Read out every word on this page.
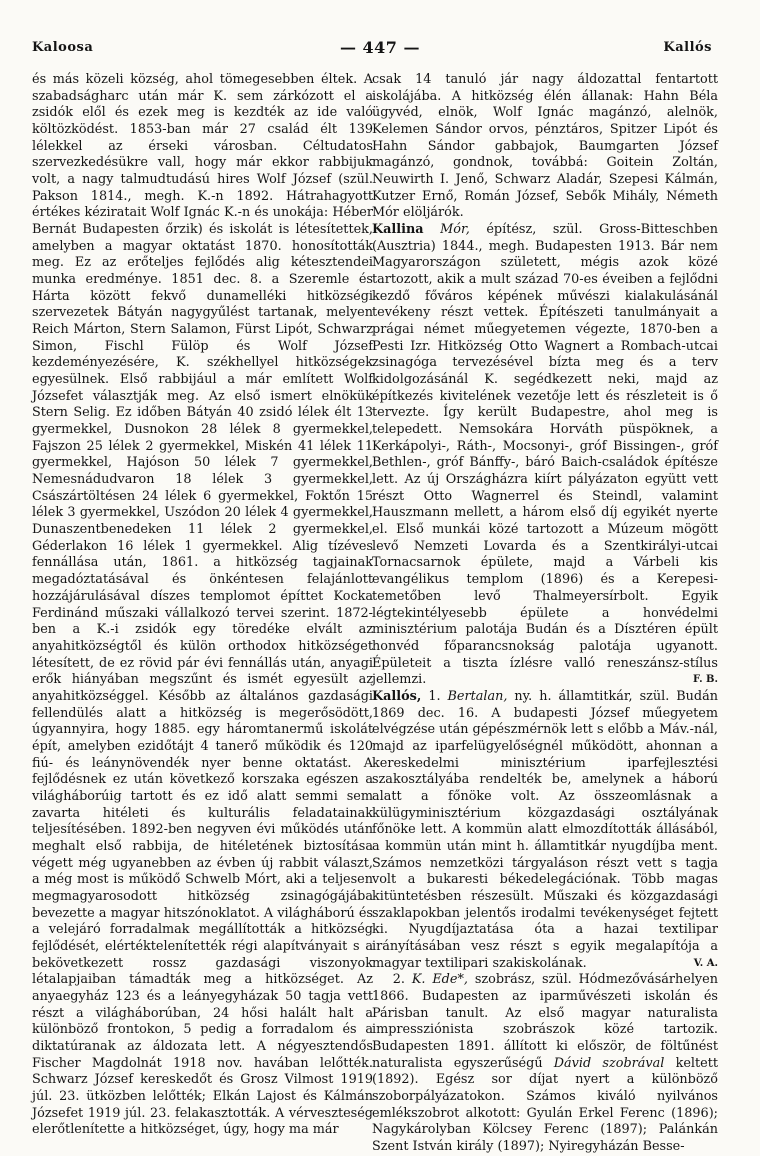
Kaloosa	— 447 —	Kallós

és más közeli község, ahol tömegesebben éltek. A szabadságharc után már K. sem zárkózott el a zsidók elől és ezek meg is kezdték az ide való költözködést. 1853-ban már 27 család élt 139 lélekkel az érseki városban. Céltudatos szervezkedésükre vall, hogy már ekkor rabbijuk volt, a nagy talmudtudású hires Wolf József (szül. Pakson 1814., megh. K.-n 1892. Hátrahagyott értékes kéziratait Wolf Ignác K.-n és unokája: Héber Bernát Budapesten őrzik) és iskolát is létesítettek, amelyben a magyar oktatást 1870. honosították meg. Ez az erőteljes fejlődés alig kétesztendei munka eredménye. 1851 dec. 8. a Szeremle és Hárta között fekvő dunamelléki hitközségi szervezetek Bátyán nagygyűlést tartanak, melyen Reich Márton, Stern Salamon, Fürst Lipót, Schwarz Simon, Fischl Fülöp és Wolf József kezdeményezésére, K. székhellyel hitközségek egyesülnek. Első rabbijául a már említett Wolf Józsefet választják meg. Az első ismert elnökük Stern Selig. Ez időben Bátyán 40 zsidó lélek élt 13 gyermekkel, Dusnokon 28 lélek 8 gyermekkel, Fajszon 25 lélek 2 gyermekkel, Miskén 41 lélek 11 gyermekkel, Hajóson 50 lélek 7 gyermekkel, Nemesnádudvaron 18 lélek 3 gyermekkel, Császártöltésen 24 lélek 6 gyermekkel, Foktőn 15 lélek 3 gyermekkel, Uszódon 20 lélek 4 gyermekkel, Dunaszentbenedeken 11 lélek 2 gyermekkel, Géderlakon 16 lélek 1 gyermekkel. Alig tízéves fennállása után, 1861. a hitközség tagjainak megadóztatásával és önkéntesen felajánlott hozzájárulásával díszes templomot építtet Kocka Ferdinánd műszaki vállalkozó tervei szerint. 1872-ben a K.-i zsidók egy töredéke elvált az anyahitközségtől és külön orthodox hitközséget létesített, de ez rövid pár évi fennállás után, anyagi erők hiányában megszűnt és ismét egyesült az anyahitközséggel. Később az általános gazdasági fellendülés alatt a hitközség is megerősödött, úgyannyira, hogy 1885. egy háromtanermű iskolát épít, amelyben ezidőtájt 4 tanerő működik és 120 fiú- és leánynövendék nyer benne oktatást. A fejlődésnek ez után következő korszaka egészen a világháborúig tartott és ez idő alatt semmi sem zavarta hitéleti és kulturális feladatainak teljesítésében. 1892-ben negyven évi működés után meghalt első rabbija, de hitéletének biztosítása végett még ugyanebben az évben új rabbit választ, a még most is működő Schwelb Mórt, aki a teljesen megmagyarosodott hitközség zsinagógájába bevezette a magyar hitszónoklatot. A világháború és a velejáró forradalmak megállították a hitközség fejlődését, elértéktelenítették régi alapítványait s a bekövetkezett rossz gazdasági viszonyok létalapjaiban támadták meg a hitközséget. Az anyaegyház 123 és a leányegyházak 50 tagja vett részt a világháborúban, 24 hősi halált halt a különböző frontokon, 5 pedig a forradalom és a diktatúranak az áldozata lett. A négyesztendős Fischer Magdolnát 1918 nov. havában lelőtték. Schwarz József kereskedőt és Grosz Vilmost 1919 júl. 23. ütközben lelőtték; Elkán Lajost és Kálmán Józsefet 1919 júl. 23. felakasztották. A vérveszteség elerőtlenítette a hitközséget, úgy, hogy ma már

csak 14 tanuló jár nagy áldozattal fentartott iskolájába. A hitközség élén állanak: Hahn Béla ügyvéd, elnök, Wolf Ignác magánzó, alelnök, Kelemen Sándor orvos, pénztáros, Spitzer Lipót és Hahn Sándor gabbajok, Baumgarten József magánzó, gondnok, továbbá: Goitein Zoltán, Neuwirth I. Jenő, Schwarz Aladár, Szepesi Kálmán, Kutzer Ernő, Román József, Sebők Mihály, Németh Mór elöljárók.

Kallina Mór, építész, szül. Gross-Bitteschben (Ausztria) 1844., megh. Budapesten 1913. Bár nem Magyarországon született, mégis azok közé tartozott, akik a mult század 70-es éveiben a fejlődni kezdő főváros képének művészi kialakulásánál tevékeny részt vettek. Építészeti tanulmányait a prágai német műegyetemen végezte, 1870-ben a Pesti Izr. Hitközség Otto Wagnert a Rombach-utcai zsinagóga tervezésével bízta meg és a terv kidolgozásánál K. segédkezett neki, majd az építkezés kivitelének vezetője lett és részleteit is ő tervezte. Így került Budapestre, ahol meg is telepedett. Nemsokára Horváth püspöknek, a Kerkápolyi-, Ráth-, Mocsonyi-, gróf Bissingen-, gróf Bethlen-, gróf Bánffy-, báró Baich-családok építésze lett. Az új Országházra kiírt pályázaton együtt vett részt Otto Wagnerrel és Steindl, valamint Hauszmann mellett, a három első díj egyikét nyerte el. Első munkái közé tartozott a Múzeum mögött levő Nemzeti Lovarda és a Szentkirályi-utcai Tornacsarnok épülete, majd a Várbeli kis evangélikus templom (1896) és a Kerepesi-temetőben levő Thalmeyersírbolt. Egyik légtekintélyesebb épülete a honvédelmi minisztérium palotája Budán és a Dísztéren épült honvéd főparancsnokság palotája ugyanott. Épületeit a tiszta ízlésre valló reneszánsz-stílus jellemzi.	F. B.

Kallós, 1. Bertalan, ny. h. államtitkár, szül. Budán 1869 dec. 16. A budapesti József műegyetem elvégzése után gépészmérnök lett s előbb a Máv.-nál, majd az iparfelügyelőségnél működött, ahonnan a kereskedelmi minisztérium iparfejlesztési szakosztályába rendelték be, amelynek a háború alatt a főnöke volt. Az összeomlásnak a külügyminisztérium közgazdasági osztályának főnöke lett. A kommün alatt elmozdították állásából, a kommün után mint h. államtitkár nyugdíjba ment. Számos nemzetközi tárgyaláson részt vett s tagja volt a bukaresti békedelegációnak. Több magas kitüntetésben részesült. Műszaki és közgazdasági szaklapokban jelentős irodalmi tevékenységet fejtett ki. Nyugdíjaztatása óta a hazai textilipar irányításában vesz részt s egyik megalapítója a magyar textilipari szakiskolának.	V. A.

2. K. Ede*, szobrász, szül. Hódmezővásárhelyen 1866. Budapesten az iparművészeti iskolán és Párisban tanult. Az első magyar naturalista impressziónista szobrászok közé tartozik. Budapesten 1891. állított ki először, de föltűnést naturalista egyszerűségű Dávid szobrával keltett (1892). Egész sor díjat nyert a különböző szoborpályázatokon. Számos kiváló nyilvános emlékszobrot alkotott: Gyulán Erkel Ferenc (1896); Nagykárolyban Kölcsey Ferenc (1897); Palánkán Szent István király (1897); Nyiregyházán Besse-
